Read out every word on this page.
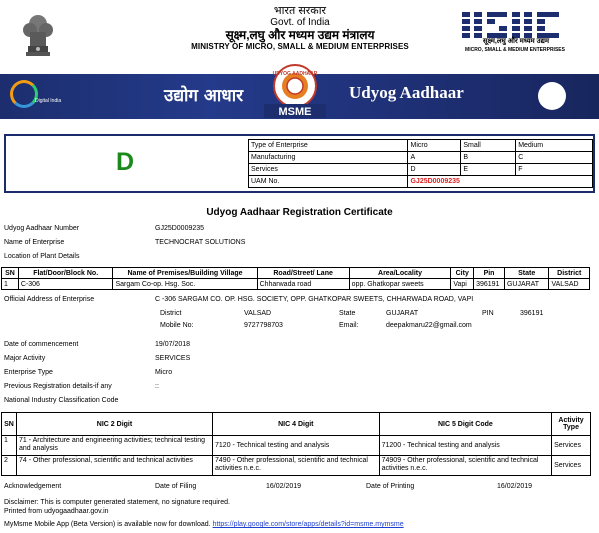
भारत सरकार
Govt. of India
सूक्ष्म,लघु और मध्यम उद्यम मंत्रालय
MINISTRY OF MICRO, SMALL & MEDIUM ENTERPRISES
सूक्ष्म,लघु और मध्यम उद्यम
MICRO, SMALL & MEDIUM ENTERPRISES
Digital India	उद्योग आधार	Udyog Aadhaar
UDYOG AADHAAR
MSME
D
Type of Enterprise	Micro	Small	Medium
Manufacturing	A	B	C
Services	D	E	F
UAM No.	GJ25D0009235		
Udyog Aadhaar Registration Certificate
Udyog Aadhaar Number	GJ25D0009235
Name of Enterprise	TECHNOCRAT SOLUTIONS
Location of Plant Details
SN	Flat/Door/Block No.	Name of Premises/Building Village	Road/Street/ Lane	Area/Locality	City	Pin	State	District
1	C-306	Sargam Co-op. Hsg. Soc.	Chharwada road	opp. Ghatkopar sweets	Vapi	396191	GUJARAT	VALSAD
Official Address of Enterprise	C -306 SARGAM CO. OP. HSG. SOCIETY, OPP. GHATKOPAR SWEETS, CHHARWADA ROAD, VAPI
District	VALSAD	State	GUJARAT	PIN	396191
Mobile No:	9727798703	Email:	deepakmaru22@gmail.com
Date of commencement	19/07/2018
Major Activity	SERVICES
Enterprise Type	Micro
Previous Registration details-if any	::
National Industry Classification Code
SN	NIC 2 Digit	NIC 4 Digit	NIC 5 Digit Code	Activity Type
1	71 - Architecture and engineering activities; technical testing and analysis	7120 - Technical testing and analysis	71200 - Technical testing and analysis	Services
2	74 - Other professional, scientific and technical activities	7490 - Other professional, scientific and technical activities n.e.c.	74909 - Other professional, scientific and technical activities n.e.c.	Services
Acknowledgement	Date of Filing	16/02/2019	Date of Printing	16/02/2019
Disclaimer: This is computer generated statement, no signature required.
Printed from udyogaadhaar.gov.in
MyMsme Mobile App (Beta Version) is available now for download. https://play.google.com/store/apps/details?id=msme.mymsme
